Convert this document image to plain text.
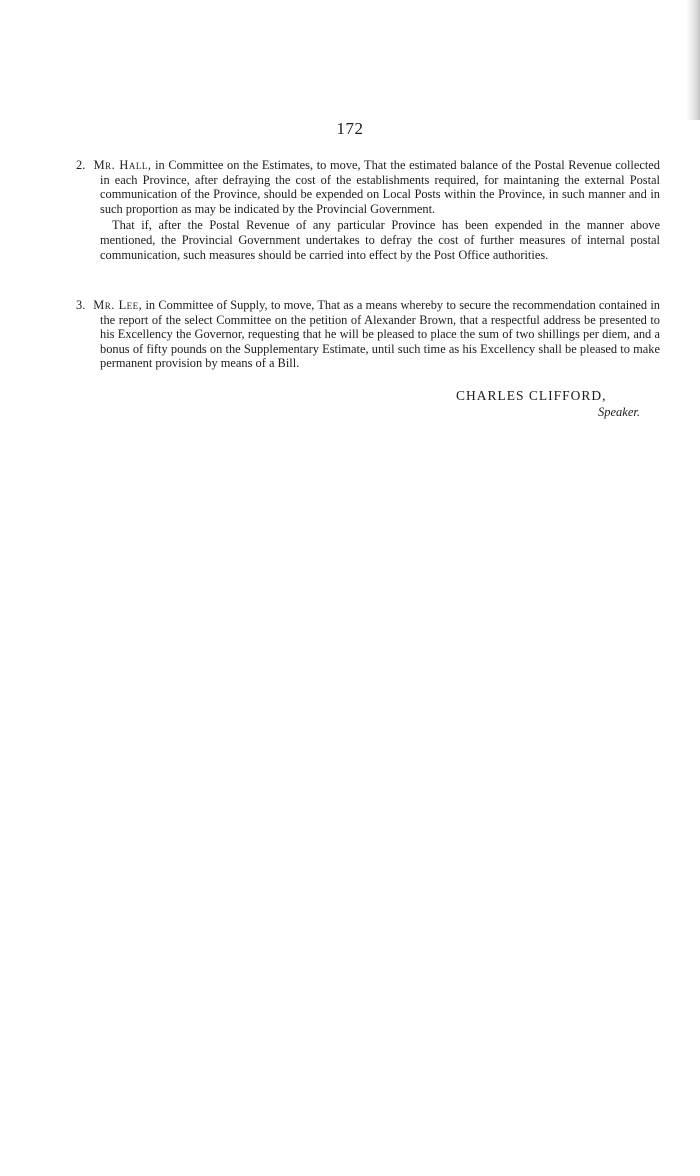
172

2. Mr. Hall, in Committee on the Estimates, to move, That the estimated balance of the Postal Revenue collected in each Province, after defraying the cost of the establishments required, for maintaning the external Postal communication of the Province, should be expended on Local Posts within the Province, in such manner and in such proportion as may be indicated by the Provincial Government.

That if, after the Postal Revenue of any particular Province has been expended in the manner above mentioned, the Provincial Government undertakes to defray the cost of further measures of internal postal communication, such measures should be carried into effect by the Post Office authorities.

3. Mr. Lee, in Committee of Supply, to move, That as a means whereby to secure the recommendation contained in the report of the select Committee on the petition of Alexander Brown, that a respectful address be presented to his Excellency the Governor, requesting that he will be pleased to place the sum of two shillings per diem, and a bonus of fifty pounds on the Supplementary Estimate, until such time as his Excellency shall be pleased to make permanent provision by means of a Bill.

CHARLES CLIFFORD,
Speaker.
